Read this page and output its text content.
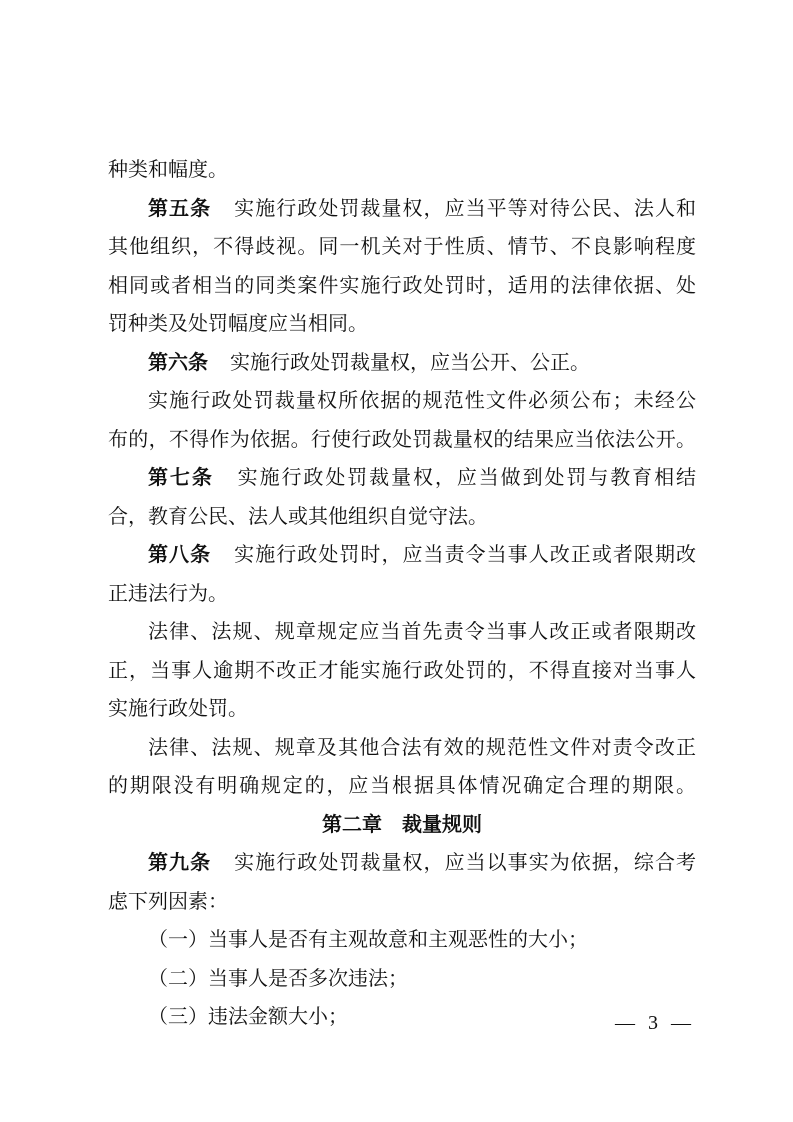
种类和幅度。
第五条 实施行政处罚裁量权，应当平等对待公民、法人和
其他组织，不得歧视。同一机关对于性质、情节、不良影响程度
相同或者相当的同类案件实施行政处罚时，适用的法律依据、处
罚种类及处罚幅度应当相同。
第六条 实施行政处罚裁量权，应当公开、公正。
实施行政处罚裁量权所依据的规范性文件必须公布；未经公
布的，不得作为依据。行使行政处罚裁量权的结果应当依法公开。
第七条 实施行政处罚裁量权，应当做到处罚与教育相结
合，教育公民、法人或其他组织自觉守法。
第八条 实施行政处罚时，应当责令当事人改正或者限期改
正违法行为。
法律、法规、规章规定应当首先责令当事人改正或者限期改
正，当事人逾期不改正才能实施行政处罚的，不得直接对当事人
实施行政处罚。
法律、法规、规章及其他合法有效的规范性文件对责令改正
的期限没有明确规定的，应当根据具体情况确定合理的期限。
第二章 裁量规则
第九条 实施行政处罚裁量权，应当以事实为依据，综合考
虑下列因素：
（一）当事人是否有主观故意和主观恶性的大小；
（二）当事人是否多次违法；
（三）违法金额大小；	— 3 —
